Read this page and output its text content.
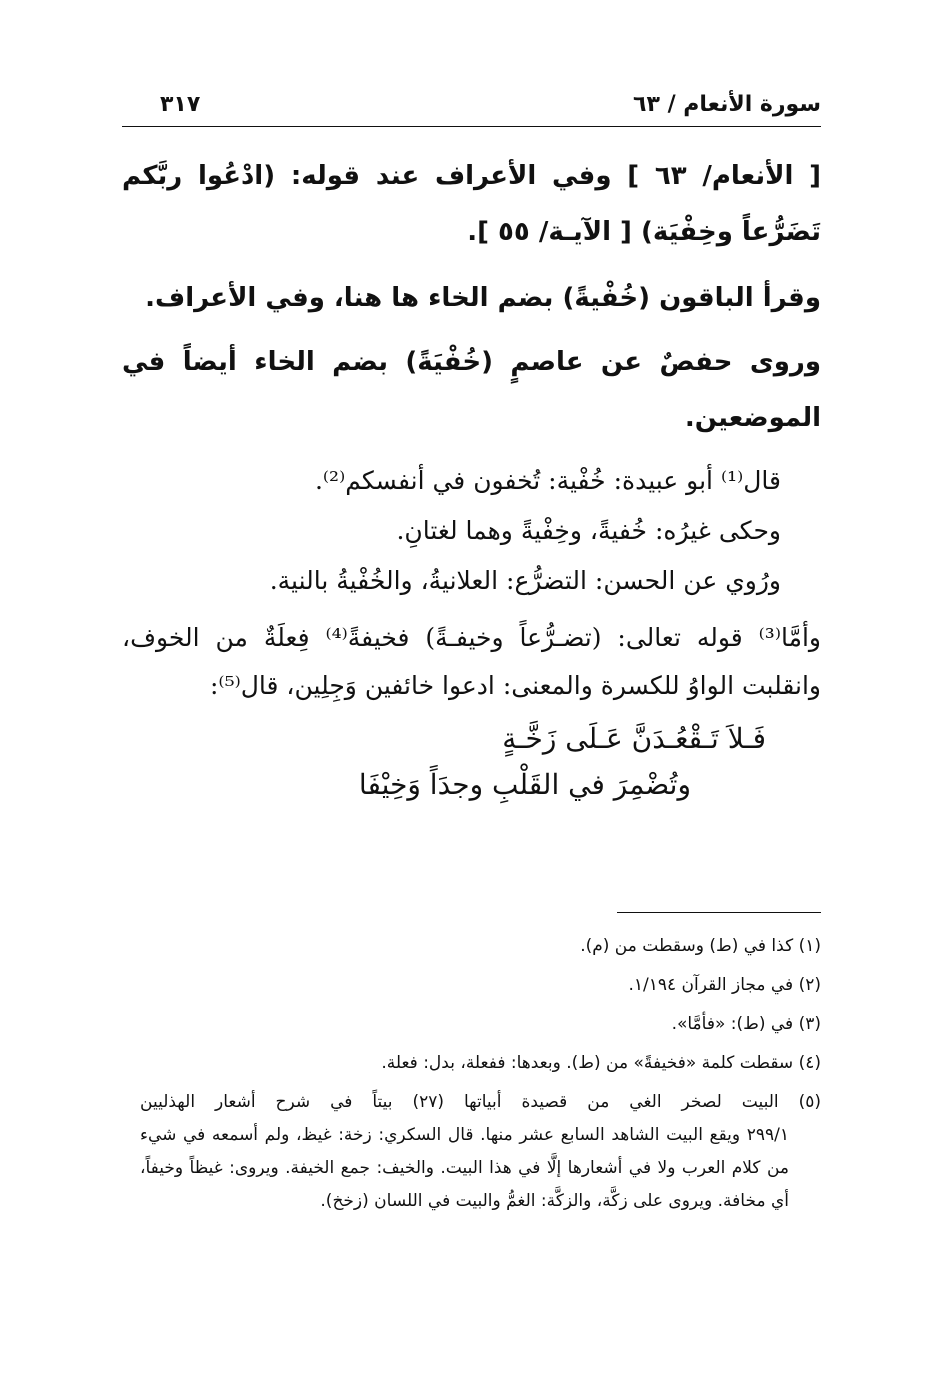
سورة الأنعام / ٦٣
٣١٧

[ الأنعام/ ٦٣ ] وفي الأعراف عند قوله: (ادْعُوا ربَّكم تَضَرُّعاً وخِفْيَة) [ الآيـة/ ٥٥ ].

وقرأ الباقون (خُفْيةً) بضم الخاء ها هنا، وفي الأعراف.

وروى حفصٌ عن عاصمٍ (خُفْيَةً) بضم الخاء أيضاً في الموضعين.

قال⁽¹⁾ أبو عبيدة: خُفْية: تُخفون في أنفسكم⁽²⁾.

وحكى غيرُه: خُفيةً، وخِفْيةً وهما لغتانِ.

ورُوي عن الحسن: التضرُّع: العلانيةُ، والخُفْيةُ بالنية.

وأمَّا⁽³⁾ قوله تعالى: (تضـرُّعاً وخيفـةً) فخيفةً⁽⁴⁾ فِعلَةٌ من الخوف، وانقلبت الواوُ للكسرة والمعنى: ادعوا خائفين وَجِلِين، قال⁽⁵⁾:

فَـلاَ تَـقْعُـدَنَّ عَـلَى زَخَّـةٍ
وتُضْمِرَ في القَلْبِ وجدَاً وَخِيْفَا

(١) كذا في (ط) وسقطت من (م).

(٢) في مجاز القرآن ١/١٩٤.

(٣) في (ط): «فأمَّا».

(٤) سقطت كلمة «فخيفةً» من (ط). وبعدها: ففعلة، بدل: فعلة.

(٥) البيت لصخر الغي من قصيدة أبياتها (٢٧) بيتاً في شرح أشعار الهذليين
٢٩٩/١ ويقع البيت الشاهد السابع عشر منها. قال السكري: زخة: غيظ، ولم أسمعه في شيء من كلام العرب ولا في أشعارها إلَّا في هذا البيت. والخيف: جمع الخيفة. ويروى: غيظاً وخيفاً، أي مخافة. ويروى على زكَّة، والزكَّة: الغمُّ والبيت في اللسان (زخخ).
